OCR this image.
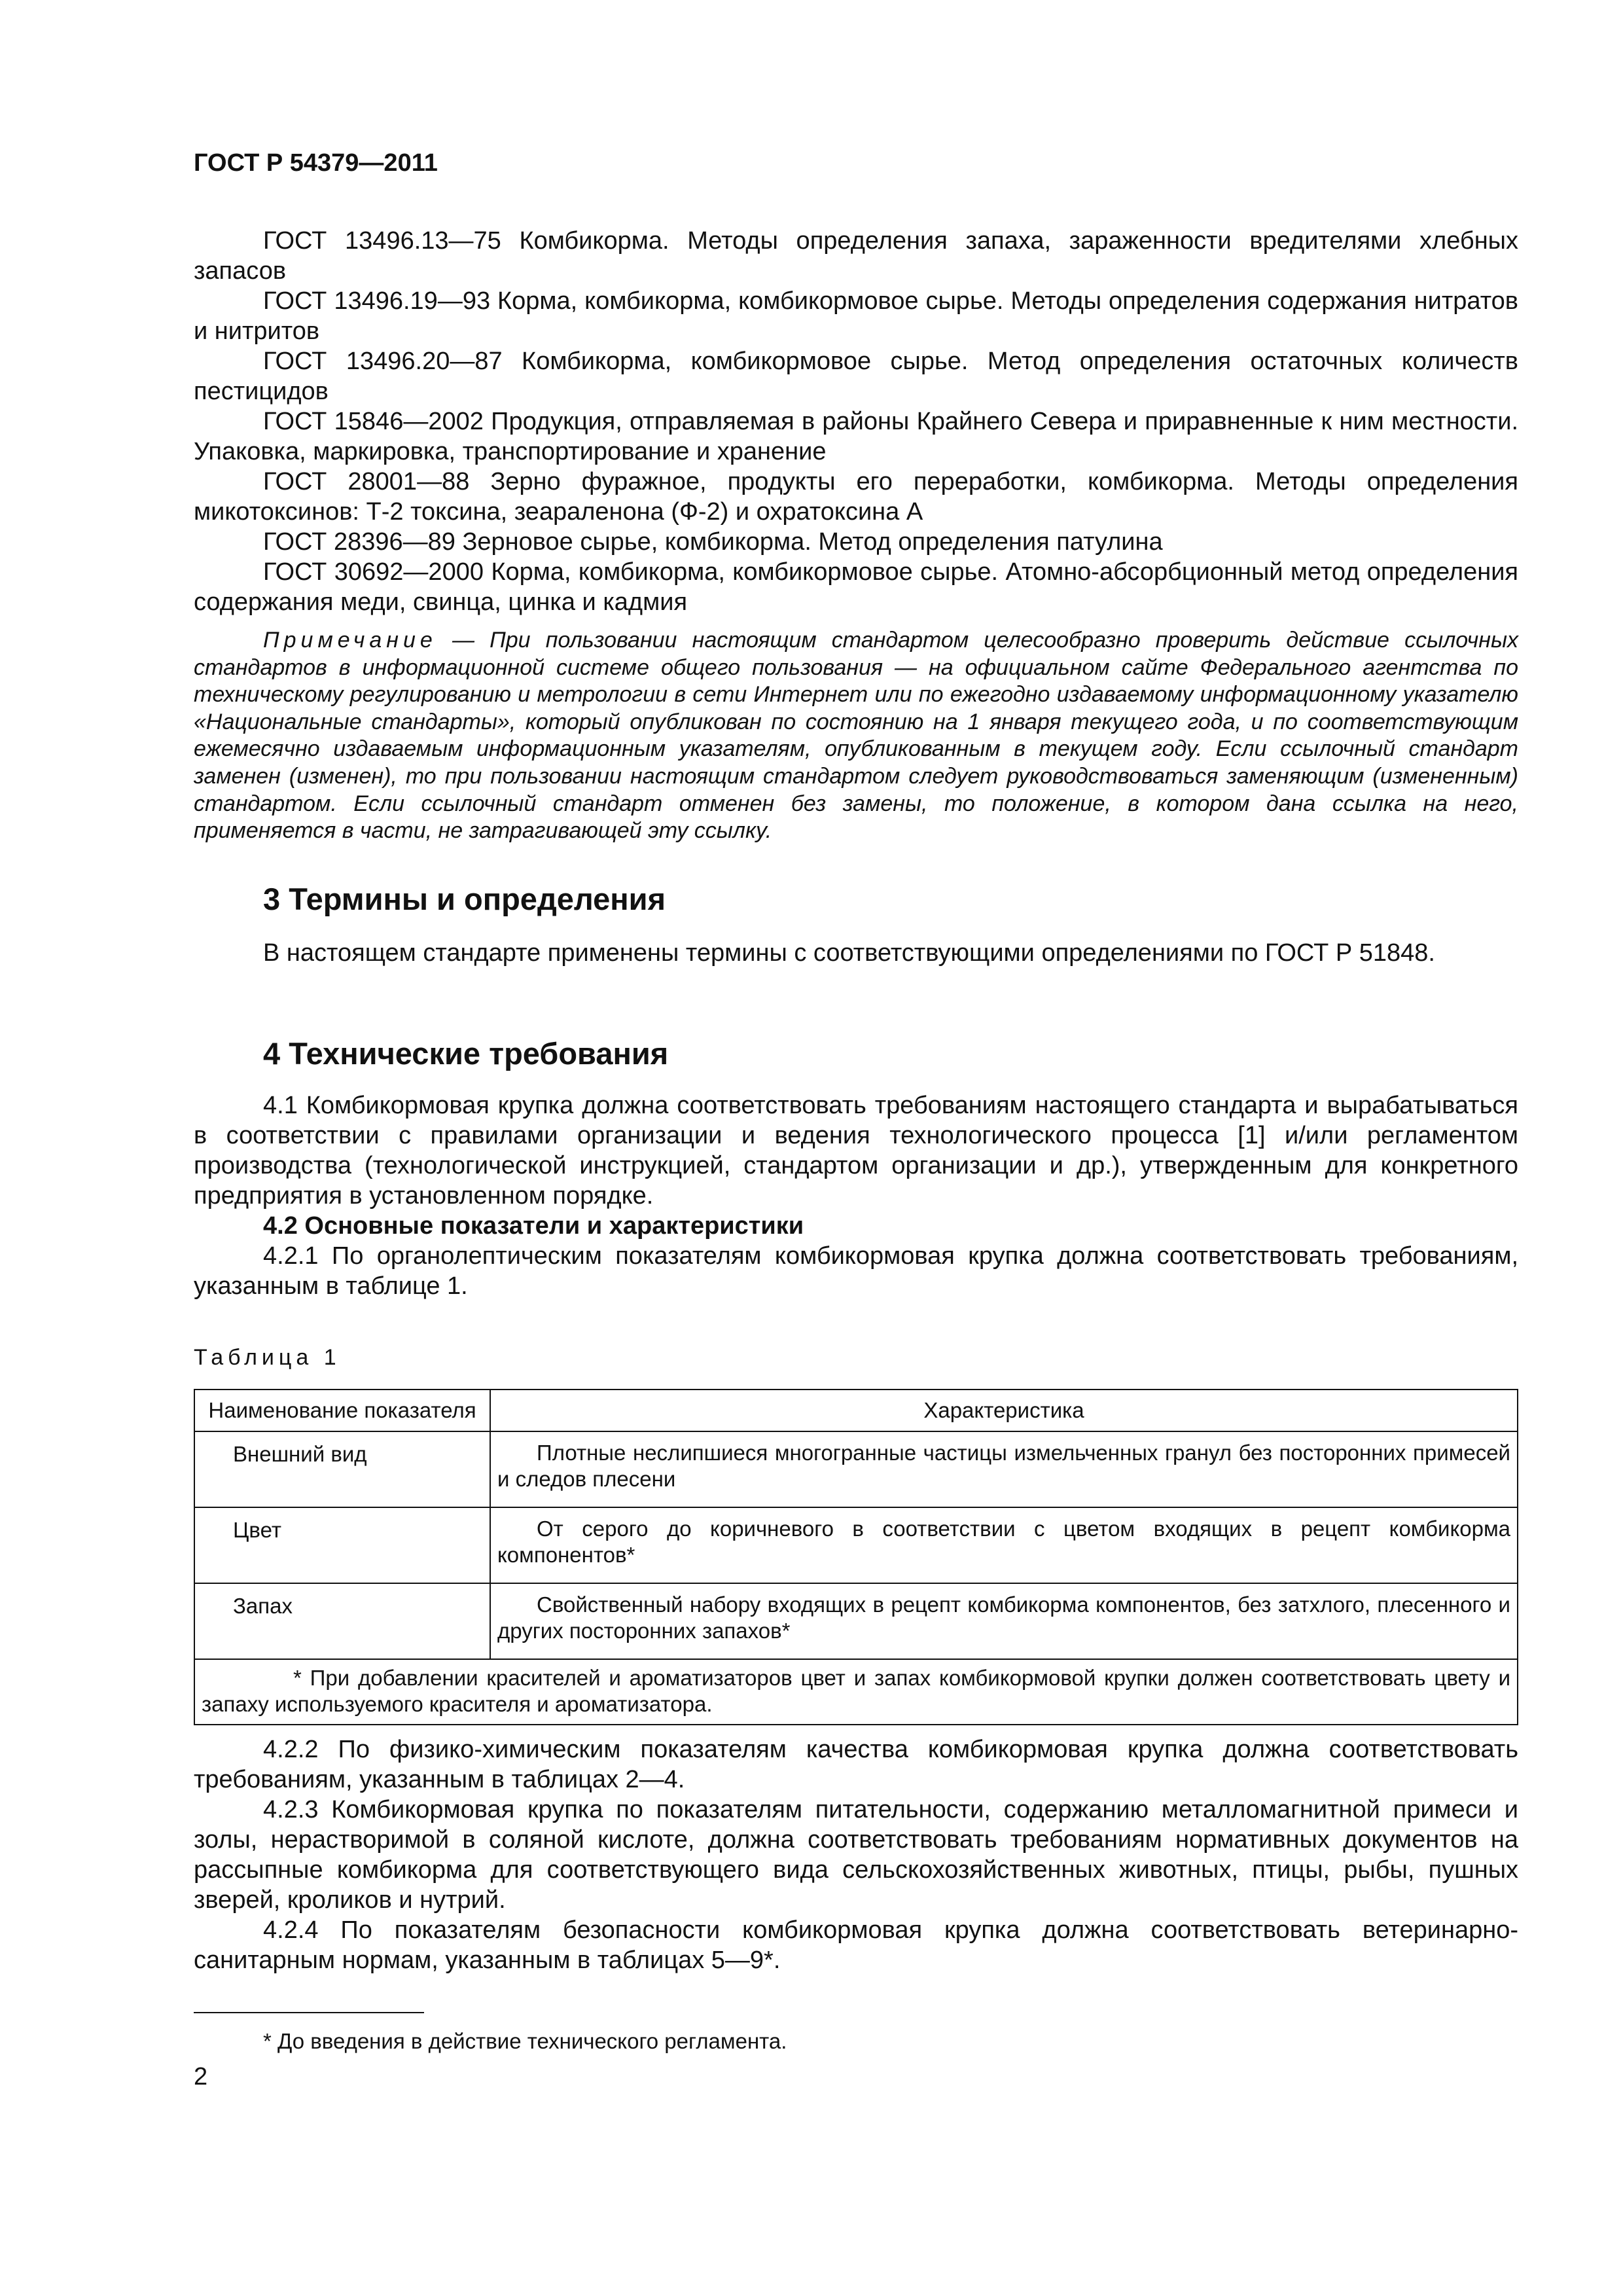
ГОСТ Р 54379—2011

ГОСТ 13496.13—75 Комбикорма. Методы определения запаха, зараженности вредителями хлебных запасов

ГОСТ 13496.19—93 Корма, комбикорма, комбикормовое сырье. Методы определения содержания нитратов и нитритов

ГОСТ 13496.20—87 Комбикорма, комбикормовое сырье. Метод определения остаточных количеств пестицидов

ГОСТ 15846—2002 Продукция, отправляемая в районы Крайнего Севера и приравненные к ним местности. Упаковка, маркировка, транспортирование и хранение

ГОСТ 28001—88 Зерно фуражное, продукты его переработки, комбикорма. Методы определения микотоксинов: Т-2 токсина, зеараленона (Ф-2) и охратоксина А

ГОСТ 28396—89 Зерновое сырье, комбикорма. Метод определения патулина

ГОСТ 30692—2000 Корма, комбикорма, комбикормовое сырье. Атомно-абсорбционный метод определения содержания меди, свинца, цинка и кадмия

Примечание — При пользовании настоящим стандартом целесообразно проверить действие ссылочных стандартов в информационной системе общего пользования — на официальном сайте Федерального агентства по техническому регулированию и метрологии в сети Интернет или по ежегодно издаваемому информационному указателю «Национальные стандарты», который опубликован по состоянию на 1 января текущего года, и по соответствующим ежемесячно издаваемым информационным указателям, опубликованным в текущем году. Если ссылочный стандарт заменен (изменен), то при пользовании настоящим стандартом следует руководствоваться заменяющим (измененным) стандартом. Если ссылочный стандарт отменен без замены, то положение, в котором дана ссылка на него, применяется в части, не затрагивающей эту ссылку.

3 Термины и определения

В настоящем стандарте применены термины с соответствующими определениями по ГОСТ Р 51848.

4 Технические требования

4.1 Комбикормовая крупка должна соответствовать требованиям настоящего стандарта и вырабатываться в соответствии с правилами организации и ведения технологического процесса [1] и/или регламентом производства (технологической инструкцией, стандартом организации и др.), утвержденным для конкретного предприятия в установленном порядке.

4.2 Основные показатели и характеристики

4.2.1 По органолептическим показателям комбикормовая крупка должна соответствовать требованиям, указанным в таблице 1.

Таблица 1
Наименование показателя	Характеристика
Внешний вид	Плотные неслипшиеся многогранные частицы измельченных гранул без посторонних примесей и следов плесени
Цвет	От серого до коричневого в соответствии с цветом входящих в рецепт комбикорма компонентов*
Запах	Свойственный набору входящих в рецепт комбикорма компонентов, без затхлого, плесенного и других посторонних запахов*
* При добавлении красителей и ароматизаторов цвет и запах комбикормовой крупки должен соответствовать цвету и запаху используемого красителя и ароматизатора.	

4.2.2 По физико-химическим показателям качества комбикормовая крупка должна соответствовать требованиям, указанным в таблицах 2—4.

4.2.3 Комбикормовая крупка по показателям питательности, содержанию металломагнитной примеси и золы, нерастворимой в соляной кислоте, должна соответствовать требованиям нормативных документов на рассыпные комбикорма для соответствующего вида сельскохозяйственных животных, птицы, рыбы, пушных зверей, кроликов и нутрий.

4.2.4 По показателям безопасности комбикормовая крупка должна соответствовать ветеринарно-санитарным нормам, указанным в таблицах 5—9*.

* До введения в действие технического регламента.
2
